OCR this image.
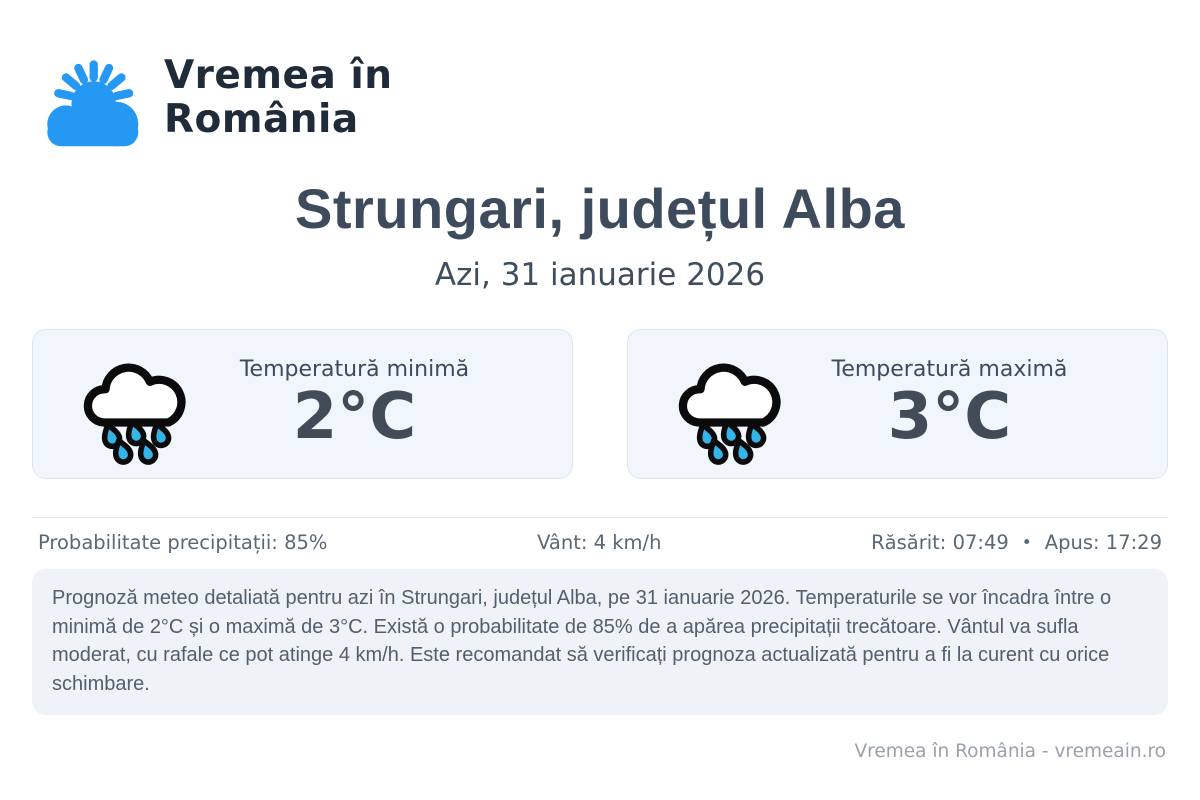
Vremea în
România
Strungari, județul Alba
Azi, 31 ianuarie 2026
Temperatură minimă
2°C
Temperatură maximă
3°C
Probabilitate precipitații: 85%	Vânt: 4 km/h	Răsărit: 07:49 • Apus: 17:29

Prognoză meteo detaliată pentru azi în Strungari, județul Alba, pe 31 ianuarie 2026. Temperaturile se vor încadra între o minimă de 2°C și o maximă de 3°C. Există o probabilitate de 85% de a apărea precipitații trecătoare. Vântul va sufla moderat, cu rafale ce pot atinge 4 km/h. Este recomandat să verificați prognoza actualizată pentru a fi la curent cu orice schimbare.

Vremea în România - vremeain.ro
